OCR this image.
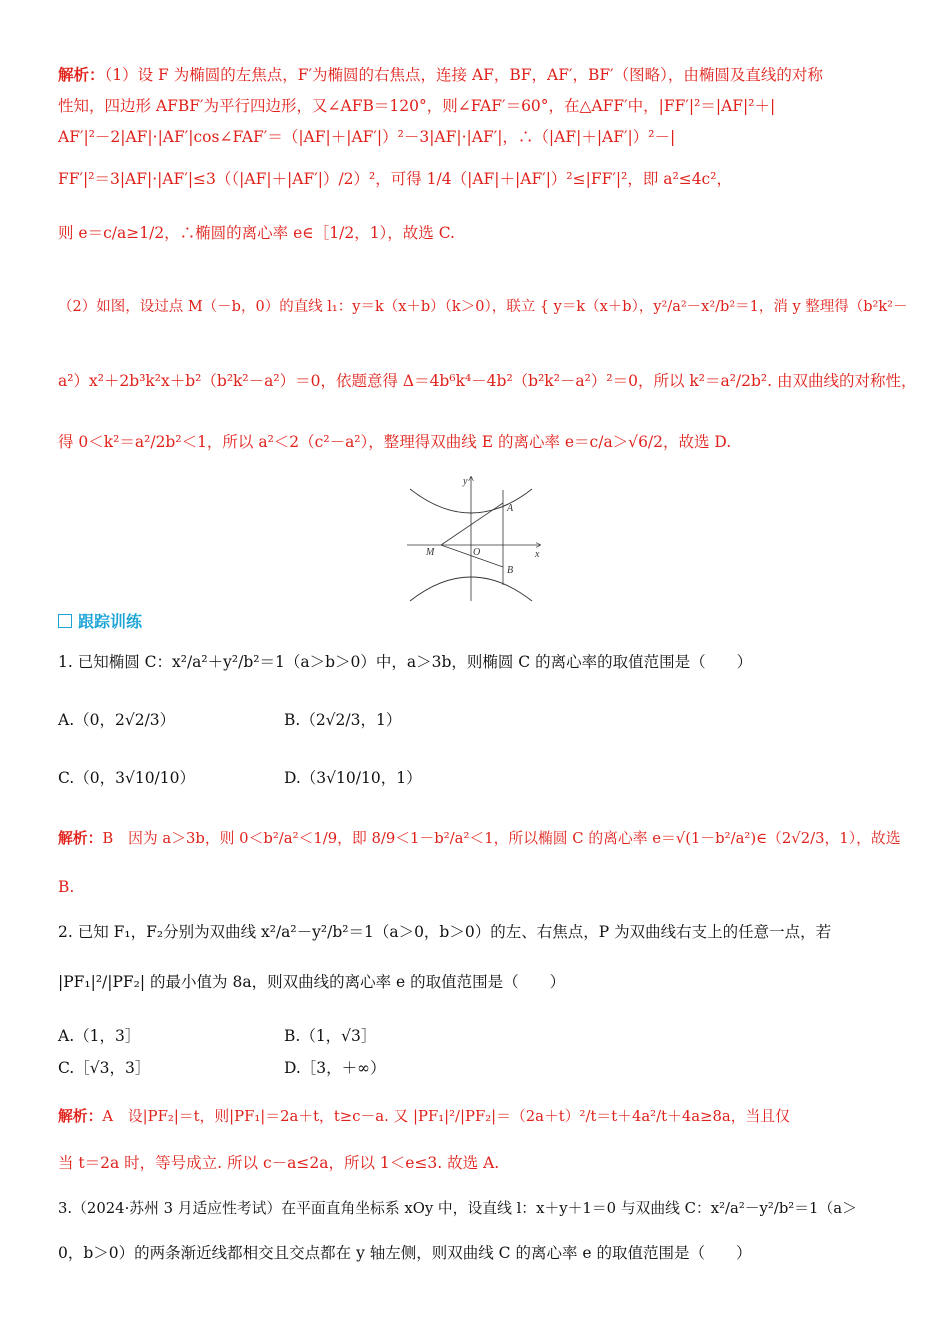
解析：（1）设 F 为椭圆的左焦点，F′为椭圆的右焦点，连接 AF，BF，AF′，BF′（图略），由椭圆及直线的对称
性知，四边形 AFBF′为平行四边形，又∠AFB＝120°，则∠FAF′＝60°，在△AFF′中，|FF′|²＝|AF|²＋|
AF′|²－2|AF|·|AF′|cos∠FAF′＝（|AF|＋|AF′|）²－3|AF|·|AF′|，∴（|AF|＋|AF′|）²－|
FF′|²＝3|AF|·|AF′|≤3（（|AF|＋|AF′|）/2）²，可得 1/4（|AF|＋|AF′|）²≤|FF′|²，即 a²≤4c²，
则 e＝c/a≥1/2，∴椭圆的离心率 e∈［1/2，1），故选 C.
（2）如图，设过点 M（－b，0）的直线 l₁：y＝k（x＋b）（k＞0），联立 { y＝k（x＋b），y²/a²－x²/b²＝1，消 y 整理得（b²k²－
a²）x²＋2b³k²x＋b²（b²k²－a²）＝0，依题意得 Δ＝4b⁶k⁴－4b²（b²k²－a²）²＝0，所以 k²＝a²/2b². 由双曲线的对称性，
得 0＜k²＝a²/2b²＜1，所以 a²＜2（c²－a²），整理得双曲线 E 的离心率 e＝c/a＞√6/2，故选 D.
y
x
O
M
A
B
跟踪训练
1. 已知椭圆 C：x²/a²＋y²/b²＝1（a＞b＞0）中，a＞3b，则椭圆 C 的离心率的取值范围是（　　）
A.（0，2√2/3）	B.（2√2/3，1）
C.（0，3√10/10）	D.（3√10/10，1）
解析：B　因为 a＞3b，则 0＜b²/a²＜1/9，即 8/9＜1－b²/a²＜1，所以椭圆 C 的离心率 e＝√(1－b²/a²)∈（2√2/3，1），故选
B.
2. 已知 F₁，F₂分别为双曲线 x²/a²－y²/b²＝1（a＞0，b＞0）的左、右焦点，P 为双曲线右支上的任意一点，若
|PF₁|²/|PF₂| 的最小值为 8a，则双曲线的离心率 e 的取值范围是（　　）
A.（1，3］	B.（1，√3］
C.［√3，3］	D.［3，＋∞）
解析：A　设|PF₂|＝t，则|PF₁|＝2a＋t，t≥c－a. 又 |PF₁|²/|PF₂|＝（2a＋t）²/t＝t＋4a²/t＋4a≥8a，当且仅
当 t＝2a 时，等号成立. 所以 c－a≤2a，所以 1＜e≤3. 故选 A.
3.（2024·苏州 3 月适应性考试）在平面直角坐标系 xOy 中，设直线 l：x＋y＋1＝0 与双曲线 C：x²/a²－y²/b²＝1（a＞
0，b＞0）的两条渐近线都相交且交点都在 y 轴左侧，则双曲线 C 的离心率 e 的取值范围是（　　）
